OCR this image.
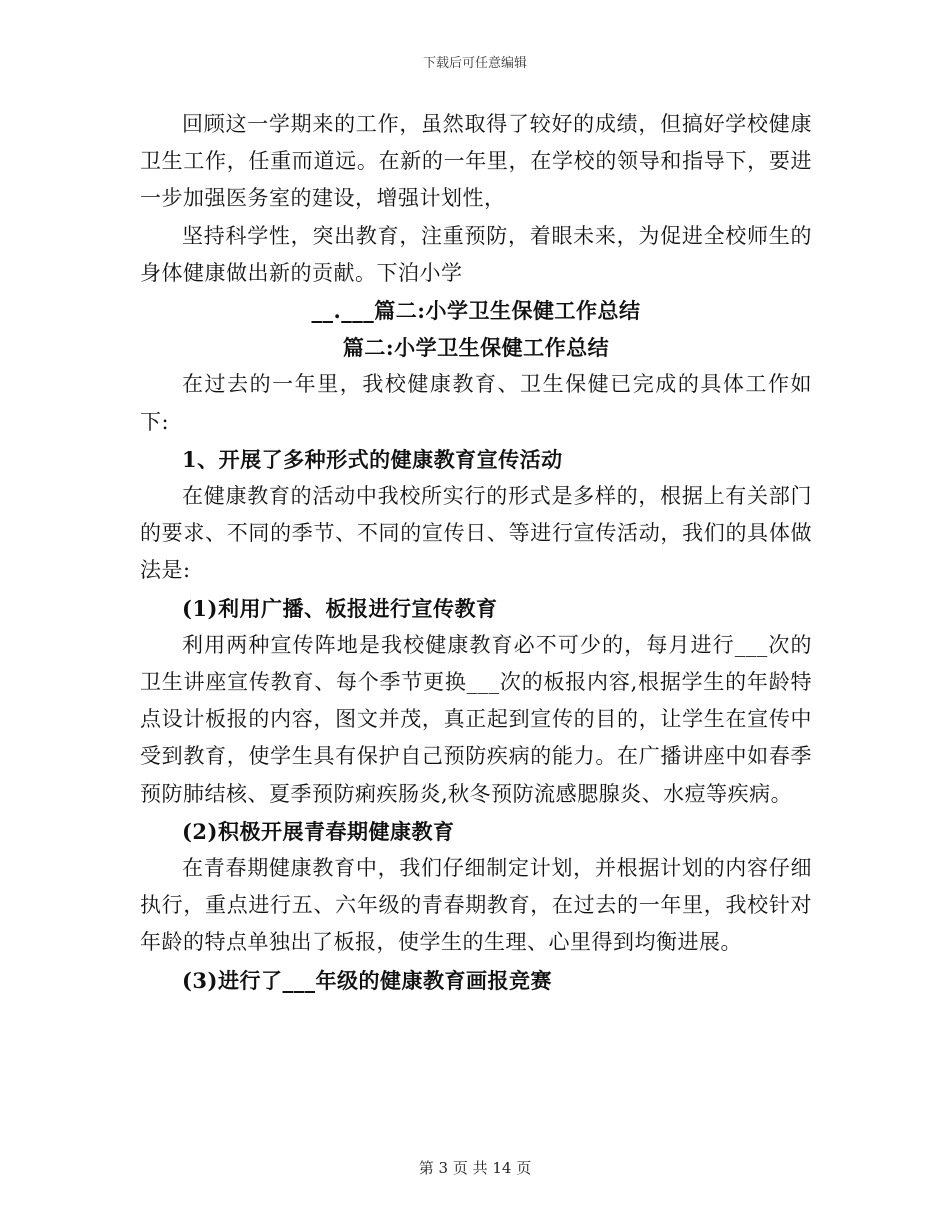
下载后可任意编辑

回顾这一学期来的工作，虽然取得了较好的成绩，但搞好学校健康卫生工作，任重而道远。在新的一年里，在学校的领导和指导下，要进一步加强医务室的建设，增强计划性，

坚持科学性，突出教育，注重预防，着眼未来，为促进全校师生的身体健康做出新的贡献。下泊小学

__.___篇二:小学卫生保健工作总结

篇二:小学卫生保健工作总结

在过去的一年里，我校健康教育、卫生保健已完成的具体工作如下:

1、开展了多种形式的健康教育宣传活动

在健康教育的活动中我校所实行的形式是多样的，根据上有关部门的要求、不同的季节、不同的宣传日、等进行宣传活动，我们的具体做法是:

(1)利用广播、板报进行宣传教育

利用两种宣传阵地是我校健康教育必不可少的，每月进行___次的卫生讲座宣传教育、每个季节更换___次的板报内容,根据学生的年龄特点设计板报的内容，图文并茂，真正起到宣传的目的，让学生在宣传中受到教育，使学生具有保护自己预防疾病的能力。在广播讲座中如春季预防肺结核、夏季预防痢疾肠炎,秋冬预防流感腮腺炎、水痘等疾病。

(2)积极开展青春期健康教育

在青春期健康教育中，我们仔细制定计划，并根据计划的内容仔细执行，重点进行五、六年级的青春期教育，在过去的一年里，我校针对年龄的特点单独出了板报，使学生的生理、心里得到均衡进展。

(3)进行了___年级的健康教育画报竞赛

第 3 页 共 14 页
